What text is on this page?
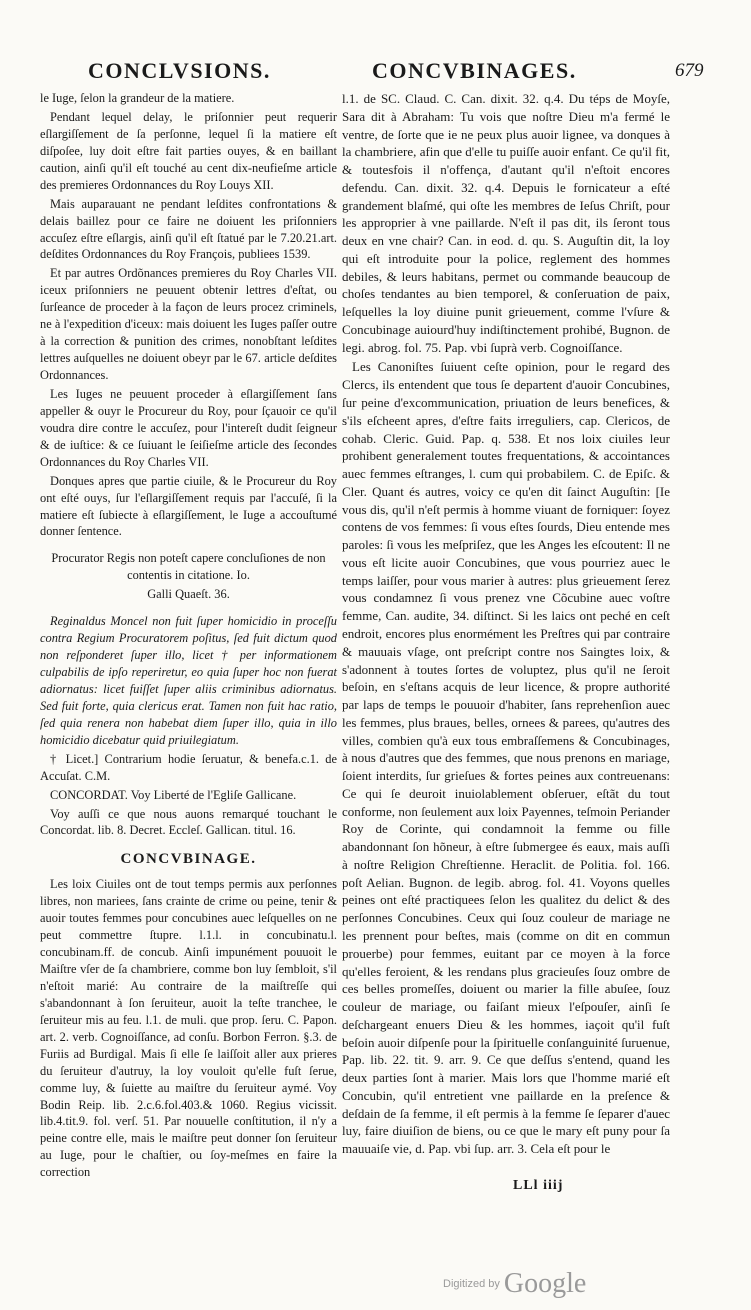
CONCLVSIONS.	CONCVBINAGES.	679

le Iuge, ſelon la grandeur de la matiere.

Pendant lequel delay, le priſonnier peut requerir eſlargiſſement de ſa perſonne, lequel ſi la matiere eſt diſpoſee, luy doit eſtre fait parties ouyes, & en baillant caution, ainſi qu'il eſt touché au cent dix-neufieſme article des premieres Ordonnances du Roy Louys XII.

Mais auparauant ne pendant leſdites confrontations & delais baillez pour ce faire ne doiuent les priſonniers accuſez eſtre eſlargis, ainſi qu'il eſt ſtatué par le 7.20.21.art. deſdites Ordonnances du Roy François, publiees 1539.

Et par autres Ordõnances premieres du Roy Charles VII. iceux priſonniers ne peuuent obtenir lettres d'eſtat, ou ſurſeance de proceder à la façon de leurs procez criminels, ne à l'expedition d'iceux: mais doiuent les Iuges paſſer outre à la correction & punition des crimes, nonobſtant leſdites lettres auſquelles ne doiuent obeyr par le 67. article deſdites Ordonnances.

Les Iuges ne peuuent proceder à eſlargiſſement ſans appeller & ouyr le Procureur du Roy, pour ſçauoir ce qu'il voudra dire contre le accuſez, pour l'intereſt dudit ſeigneur & de iuſtice: & ce ſuiuant le ſeiſieſme article des ſecondes Ordonnances du Roy Charles VII.

Donques apres que partie ciuile, & le Procureur du Roy ont eſté ouys, ſur l'eſlargiſſement requis par l'accuſé, ſi la matiere eſt ſubiecte à eſlargiſſement, le Iuge a accouſtumé donner ſentence.

Procurator Regis non poteſt capere concluſiones de non contentis in citatione. Io.

Galli Quaeſt. 36.

Reginaldus Moncel non fuit ſuper homicidio in proceſſu contra Regium Procuratorem poſitus, ſed fuit dictum quod non reſponderet ſuper illo, licet † per informationem culpabilis de ipſo reperiretur, eo quia ſuper hoc non fuerat adiornatus: licet fuiſſet ſuper aliis criminibus adiornatus. Sed fuit forte, quia clericus erat. Tamen non fuit hac ratio, ſed quia renera non habebat diem ſuper illo, quia in illo homicidio dicebatur quid priuilegiatum.

† Licet.] Contrarium hodie ſeruatur, & benefa.c.1. de Accuſat. C.M.

CONCORDAT. Voy Liberté de l'Egliſe Gallicane.

Voy auſſi ce que nous auons remarqué touchant le Concordat. lib. 8. Decret. Eccleſ. Gallican. titul. 16.

CONCVBINAGE.

Les loix Ciuiles ont de tout temps permis aux perſonnes libres, non mariees, ſans crainte de crime ou peine, tenir & auoir toutes femmes pour concubines auec leſquelles on ne peut commettre ſtupre. l.1.l. in concubinatu.l. concubinam.ff. de concub. Ainſi impunément pouuoit le Maiſtre vſer de ſa chambriere, comme bon luy ſembloit, s'il n'eſtoit marié: Au contraire de la maiſtreſſe qui s'abandonnant à ſon ſeruiteur, auoit la teſte tranchee, le ſeruiteur mis au feu. l.1. de muli. que prop. ſeru. C. Papon. art. 2. verb. Cognoiſſance, ad conſu. Borbon Ferron. §.3. de Furiis ad Burdigal. Mais ſi elle ſe laiſſoit aller aux prieres du ſeruiteur d'autruy, la loy vouloit qu'elle fuſt ſerue, comme luy, & ſuiette au maiſtre du ſeruiteur aymé. Voy Bodin Reip. lib. 2.c.6.fol.403.& 1060. Regius vicissit. lib.4.tit.9. fol. verſ. 51. Par nouuelle conſtitution, il n'y a peine contre elle, mais le maiſtre peut donner ſon ſeruiteur au Iuge, pour le chaſtier, ou ſoy-meſmes en faire la correction

l.1. de SC. Claud. C. Can. dixit. 32. q.4. Du téps de Moyſe, Sara dit à Abraham: Tu vois que noſtre Dieu m'a fermé le ventre, de ſorte que ie ne peux plus auoir lignee, va donques à la chambriere, afin que d'elle tu puiſſe auoir enfant. Ce qu'il fit, & toutesfois il n'offença, d'autant qu'il n'eſtoit encores defendu. Can. dixit. 32. q.4. Depuis le fornicateur a eſté grandement blaſmé, qui oſte les membres de Ieſus Chriſt, pour les approprier à vne paillarde. N'eſt il pas dit, ils ſeront tous deux en vne chair? Can. in eod. d. qu. S. Auguſtin dit, la loy qui eſt introduite pour la police, reglement des hommes debiles, & leurs habitans, permet ou commande beaucoup de choſes tendantes au bien temporel, & conſeruation de paix, leſquelles la loy diuine punit grieuement, comme l'vſure & Concubinage auiourd'huy indiſtinctement prohibé, Bugnon. de legi. abrog. fol. 75. Pap. vbi ſuprà verb. Cognoiſſance.

Les Canoniſtes ſuiuent ceſte opinion, pour le regard des Clercs, ils entendent que tous ſe departent d'auoir Concubines, ſur peine d'excommunication, priuation de leurs benefices, & s'ils eſcheent apres, d'eſtre faits irreguliers, cap. Clericos, de cohab. Cleric. Guid. Pap. q. 538. Et nos loix ciuiles leur prohibent generalement toutes frequentations, & accointances auec femmes eſtranges, l. cum qui probabilem. C. de Epiſc. & Cler. Quant és autres, voicy ce qu'en dit ſainct Auguſtin: [Ie vous dis, qu'il n'eſt permis à homme viuant de forniquer: ſoyez contens de vos femmes: ſi vous eſtes ſourds, Dieu entende mes paroles: ſi vous les meſpriſez, que les Anges les eſcoutent: Il ne vous eſt licite auoir Concubines, que vous pourriez auec le temps laiſſer, pour vous marier à autres: plus grieuement ſerez vous condamnez ſi vous prenez vne Cõcubine auec voſtre femme, Can. audite, 34. diſtinct. Si les laics ont peché en ceſt endroit, encores plus enormément les Preſtres qui par contraire & mauuais vſage, ont preſcript contre nos Saingtes loix, & s'adonnent à toutes ſortes de voluptez, plus qu'il ne ſeroit beſoin, en s'eſtans acquis de leur licence, & propre authorité par laps de temps le pouuoir d'habiter, ſans reprehenſion auec les femmes, plus braues, belles, ornees & parees, qu'autres des villes, combien qu'à eux tous embraſſemens & Concubinages, à nous d'autres que des femmes, que nous prenons en mariage, ſoient interdits, ſur grieſues & fortes peines aux contreuenans: Ce qui ſe deuroit inuiolablement obſeruer, eſtãt du tout conforme, non ſeulement aux loix Payennes, teſmoin Periander Roy de Corinte, qui condamnoit la femme ou fille abandonnant ſon hõneur, à eſtre ſubmergee és eaux, mais auſſi à noſtre Religion Chreſtienne. Heraclit. de Politia. fol. 166. poſt Aelian. Bugnon. de legib. abrog. fol. 41. Voyons quelles peines ont eſté practiquees ſelon les qualitez du delict & des perſonnes Concubines. Ceux qui ſouz couleur de mariage ne les prennent pour beſtes, mais (comme on dit en commun prouerbe) pour femmes, euitant par ce moyen à la force qu'elles feroient, & les rendans plus gracieuſes ſouz ombre de ces belles promeſſes, doiuent ou marier la fille abuſee, ſouz couleur de mariage, ou faiſant mieux l'eſpouſer, ainſi ſe deſchargeant enuers Dieu & les hommes, iaçoit qu'il fuſt beſoin auoir diſpenſe pour la ſpirituelle conſanguinité ſuruenue, Pap. lib. 22. tit. 9. arr. 9. Ce que deſſus s'entend, quand les deux parties ſont à marier. Mais lors que l'homme marié eſt Concubin, qu'il entretient vne paillarde en la preſence & deſdain de ſa femme, il eſt permis à la femme ſe ſeparer d'auec luy, faire diuiſion de biens, ou ce que le mary eſt puny pour ſa mauuaiſe vie, d. Pap. vbi ſup. arr. 3. Cela eſt pour le

LLl iiij
Digitized by Google
